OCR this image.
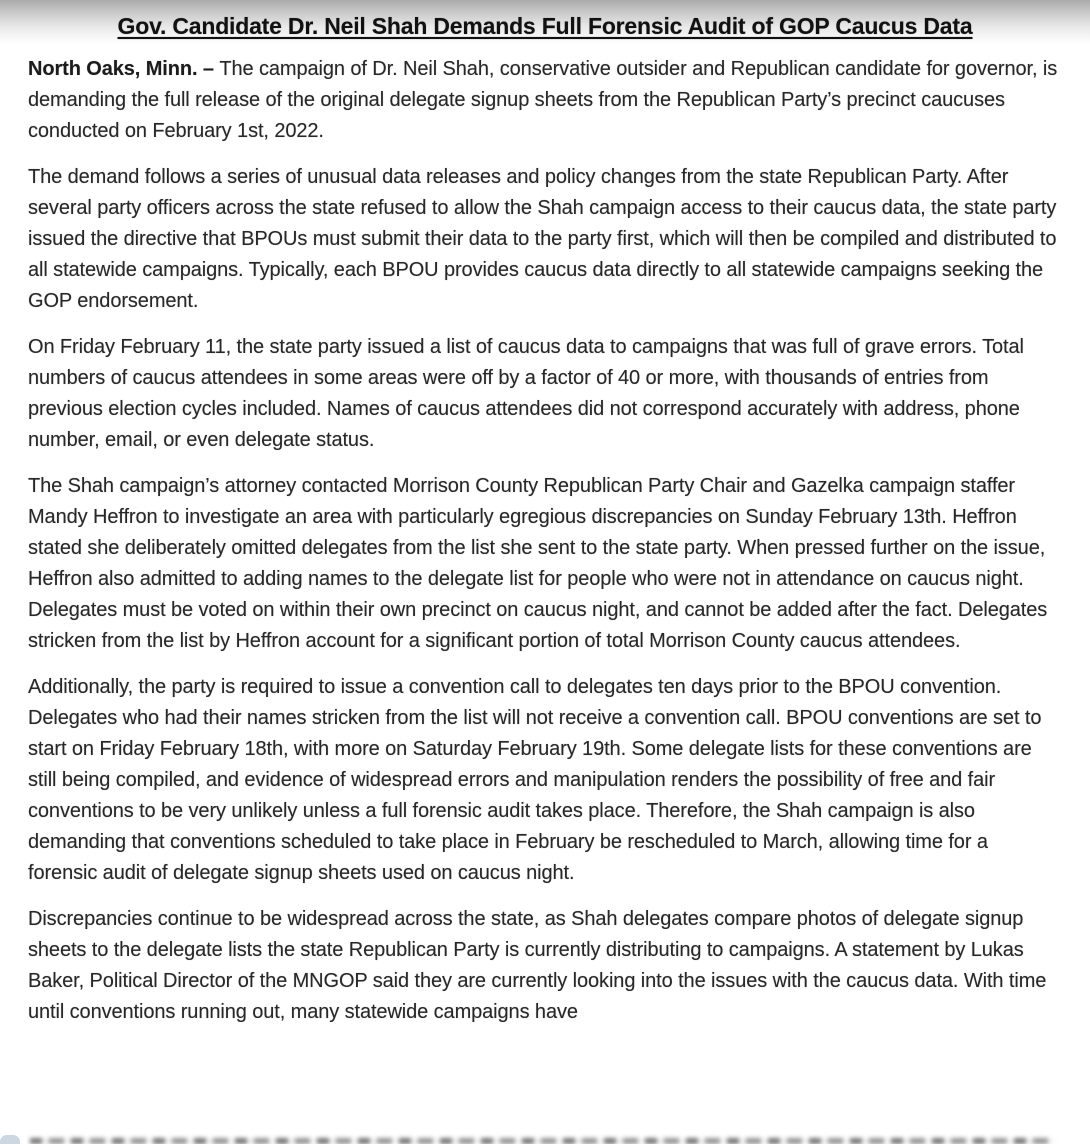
Gov. Candidate Dr. Neil Shah Demands Full Forensic Audit of GOP Caucus Data

North Oaks, Minn. – The campaign of Dr. Neil Shah, conservative outsider and Republican candidate for governor, is demanding the full release of the original delegate signup sheets from the Republican Party’s precinct caucuses conducted on February 1st, 2022.

The demand follows a series of unusual data releases and policy changes from the state Republican Party. After several party officers across the state refused to allow the Shah campaign access to their caucus data, the state party issued the directive that BPOUs must submit their data to the party first, which will then be compiled and distributed to all statewide campaigns. Typically, each BPOU provides caucus data directly to all statewide campaigns seeking the GOP endorsement.

On Friday February 11, the state party issued a list of caucus data to campaigns that was full of grave errors. Total numbers of caucus attendees in some areas were off by a factor of 40 or more, with thousands of entries from previous election cycles included. Names of caucus attendees did not correspond accurately with address, phone number, email, or even delegate status.

The Shah campaign’s attorney contacted Morrison County Republican Party Chair and Gazelka campaign staffer Mandy Heffron to investigate an area with particularly egregious discrepancies on Sunday February 13th. Heffron stated she deliberately omitted delegates from the list she sent to the state party. When pressed further on the issue, Heffron also admitted to adding names to the delegate list for people who were not in attendance on caucus night. Delegates must be voted on within their own precinct on caucus night, and cannot be added after the fact. Delegates stricken from the list by Heffron account for a significant portion of total Morrison County caucus attendees.

Additionally, the party is required to issue a convention call to delegates ten days prior to the BPOU convention. Delegates who had their names stricken from the list will not receive a convention call. BPOU conventions are set to start on Friday February 18th, with more on Saturday February 19th. Some delegate lists for these conventions are still being compiled, and evidence of widespread errors and manipulation renders the possibility of free and fair conventions to be very unlikely unless a full forensic audit takes place. Therefore, the Shah campaign is also demanding that conventions scheduled to take place in February be rescheduled to March, allowing time for a forensic audit of delegate signup sheets used on caucus night.

Discrepancies continue to be widespread across the state, as Shah delegates compare photos of delegate signup sheets to the delegate lists the state Republican Party is currently distributing to campaigns. A statement by Lukas Baker, Political Director of the MNGOP said they are currently looking into the issues with the caucus data. With time until conventions running out, many statewide campaigns have
